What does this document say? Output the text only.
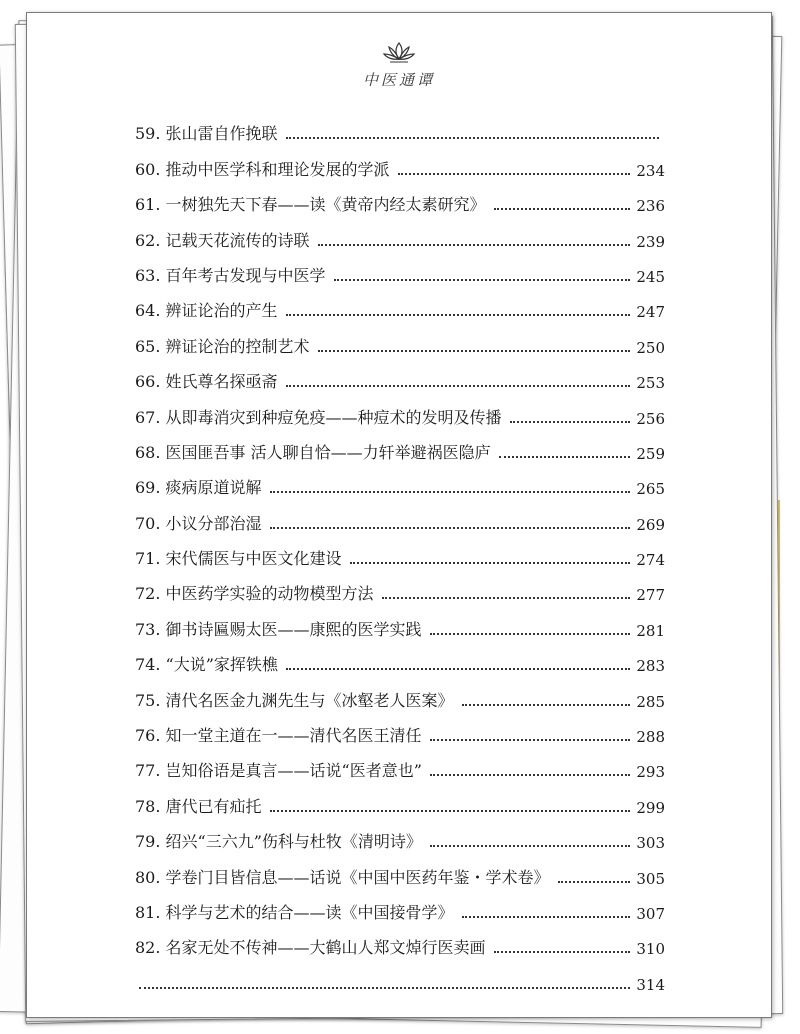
中医通谭
59. 张山雷自作挽联
60. 推动中医学科和理论发展的学派	234
61. 一树独先天下春——读《黄帝内经太素研究》	236
62. 记载天花流传的诗联	239
63. 百年考古发现与中医学	245
64. 辨证论治的产生	247
65. 辨证论治的控制艺术	250
66. 姓氏尊名探亟斋	253
67. 从即毒消灾到种痘免疫——种痘术的发明及传播	256
68. 医国匪吾事 活人聊自恰——力轩举避祸医隐庐	259
69. 痰病原道说解	265
70. 小议分部治湿	269
71. 宋代儒医与中医文化建设	274
72. 中医药学实验的动物模型方法	277
73. 御书诗匾赐太医——康熙的医学实践	281
74. “大说”家挥铁樵	283
75. 清代名医金九渊先生与《冰壑老人医案》	285
76. 知一堂主道在一——清代名医王清任	288
77. 岂知俗语是真言——话说“医者意也”	293
78. 唐代已有疝托	299
79. 绍兴“三六九”伤科与杜牧《清明诗》	303
80. 学卷门目皆信息——话说《中国中医药年鉴・学术卷》	305
81. 科学与艺术的结合——读《中国接骨学》	307
82. 名家无处不传神——大鹤山人郑文焯行医卖画	310
314
